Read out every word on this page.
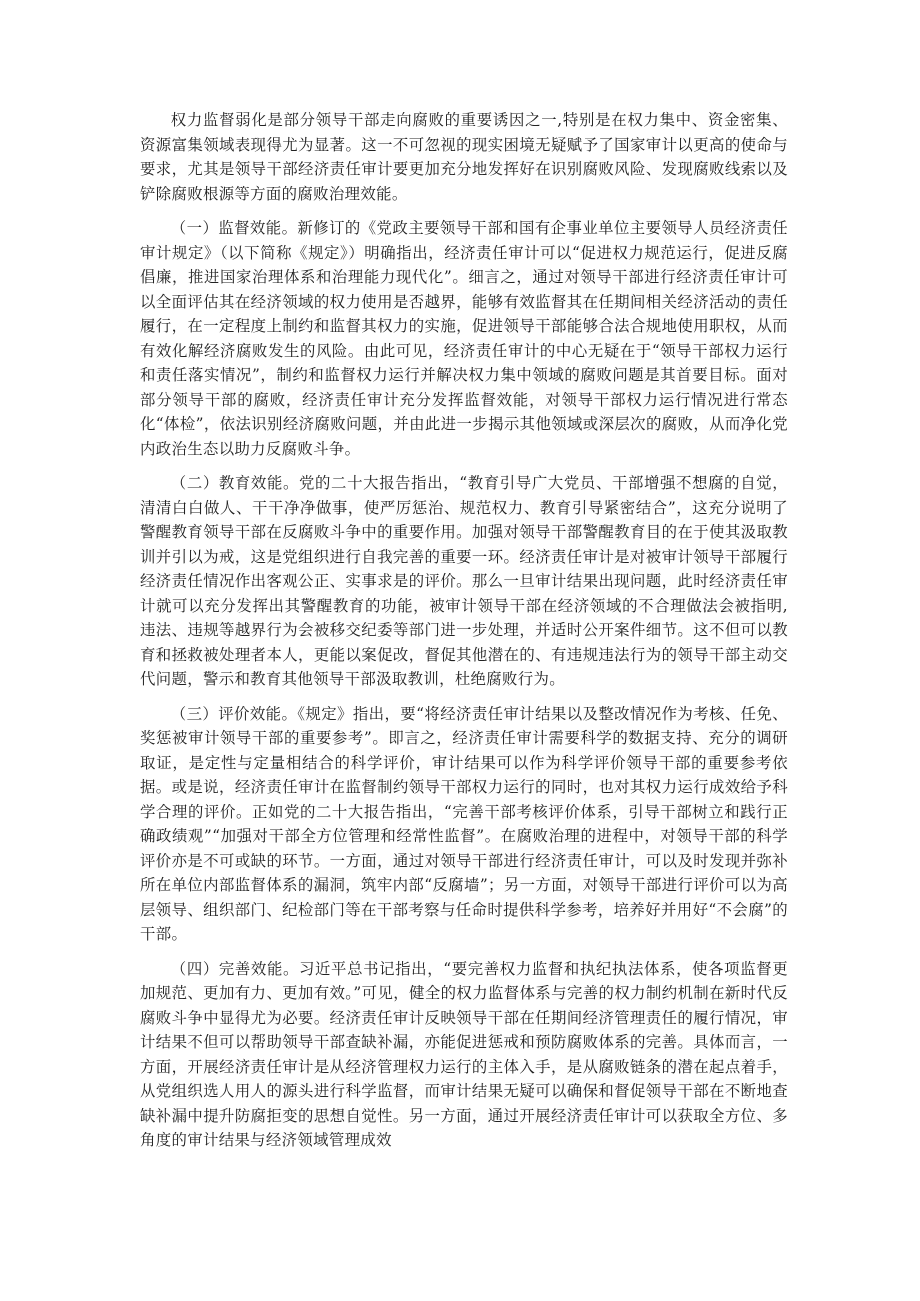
权力监督弱化是部分领导干部走向腐败的重要诱因之一,特别是在权力集中、资金密集、资源富集领域表现得尤为显著。这一不可忽视的现实困境无疑赋予了国家审计以更高的使命与要求，尤其是领导干部经济责任审计要更加充分地发挥好在识别腐败风险、发现腐败线索以及铲除腐败根源等方面的腐败治理效能。

（一）监督效能。新修订的《党政主要领导干部和国有企事业单位主要领导人员经济责任审计规定》（以下简称《规定》）明确指出，经济责任审计可以“促进权力规范运行，促进反腐倡廉，推进国家治理体系和治理能力现代化”。细言之，通过对领导干部进行经济责任审计可以全面评估其在经济领域的权力使用是否越界，能够有效监督其在任期间相关经济活动的责任履行，在一定程度上制约和监督其权力的实施，促进领导干部能够合法合规地使用职权，从而有效化解经济腐败发生的风险。由此可见，经济责任审计的中心无疑在于“领导干部权力运行和责任落实情况”，制约和监督权力运行并解决权力集中领域的腐败问题是其首要目标。面对部分领导干部的腐败，经济责任审计充分发挥监督效能，对领导干部权力运行情况进行常态化“体检”，依法识别经济腐败问题，并由此进一步揭示其他领域或深层次的腐败，从而净化党内政治生态以助力反腐败斗争。

（二）教育效能。党的二十大报告指出，“教育引导广大党员、干部增强不想腐的自觉，清清白白做人、干干净净做事，使严厉惩治、规范权力、教育引导紧密结合”，这充分说明了警醒教育领导干部在反腐败斗争中的重要作用。加强对领导干部警醒教育目的在于使其汲取教训并引以为戒，这是党组织进行自我完善的重要一环。经济责任审计是对被审计领导干部履行经济责任情况作出客观公正、实事求是的评价。那么一旦审计结果出现问题，此时经济责任审计就可以充分发挥出其警醒教育的功能，被审计领导干部在经济领域的不合理做法会被指明,违法、违规等越界行为会被移交纪委等部门进一步处理，并适时公开案件细节。这不但可以教育和拯救被处理者本人，更能以案促改，督促其他潜在的、有违规违法行为的领导干部主动交代问题，警示和教育其他领导干部汲取教训，杜绝腐败行为。

（三）评价效能。《规定》指出，要“将经济责任审计结果以及整改情况作为考核、任免、奖惩被审计领导干部的重要参考”。即言之，经济责任审计需要科学的数据支持、充分的调研取证，是定性与定量相结合的科学评价，审计结果可以作为科学评价领导干部的重要参考依据。或是说，经济责任审计在监督制约领导干部权力运行的同时，也对其权力运行成效给予科学合理的评价。正如党的二十大报告指出，“完善干部考核评价体系，引导干部树立和践行正确政绩观”“加强对干部全方位管理和经常性监督”。在腐败治理的进程中，对领导干部的科学评价亦是不可或缺的环节。一方面，通过对领导干部进行经济责任审计，可以及时发现并弥补所在单位内部监督体系的漏洞，筑牢内部“反腐墙”；另一方面，对领导干部进行评价可以为高层领导、组织部门、纪检部门等在干部考察与任命时提供科学参考，培养好并用好“不会腐”的干部。

（四）完善效能。习近平总书记指出，“要完善权力监督和执纪执法体系，使各项监督更加规范、更加有力、更加有效。”可见，健全的权力监督体系与完善的权力制约机制在新时代反腐败斗争中显得尤为必要。经济责任审计反映领导干部在任期间经济管理责任的履行情况，审计结果不但可以帮助领导干部查缺补漏，亦能促进惩戒和预防腐败体系的完善。具体而言，一方面，开展经济责任审计是从经济管理权力运行的主体入手，是从腐败链条的潜在起点着手，从党组织选人用人的源头进行科学监督，而审计结果无疑可以确保和督促领导干部在不断地查缺补漏中提升防腐拒变的思想自觉性。另一方面，通过开展经济责任审计可以获取全方位、多角度的审计结果与经济领域管理成效
